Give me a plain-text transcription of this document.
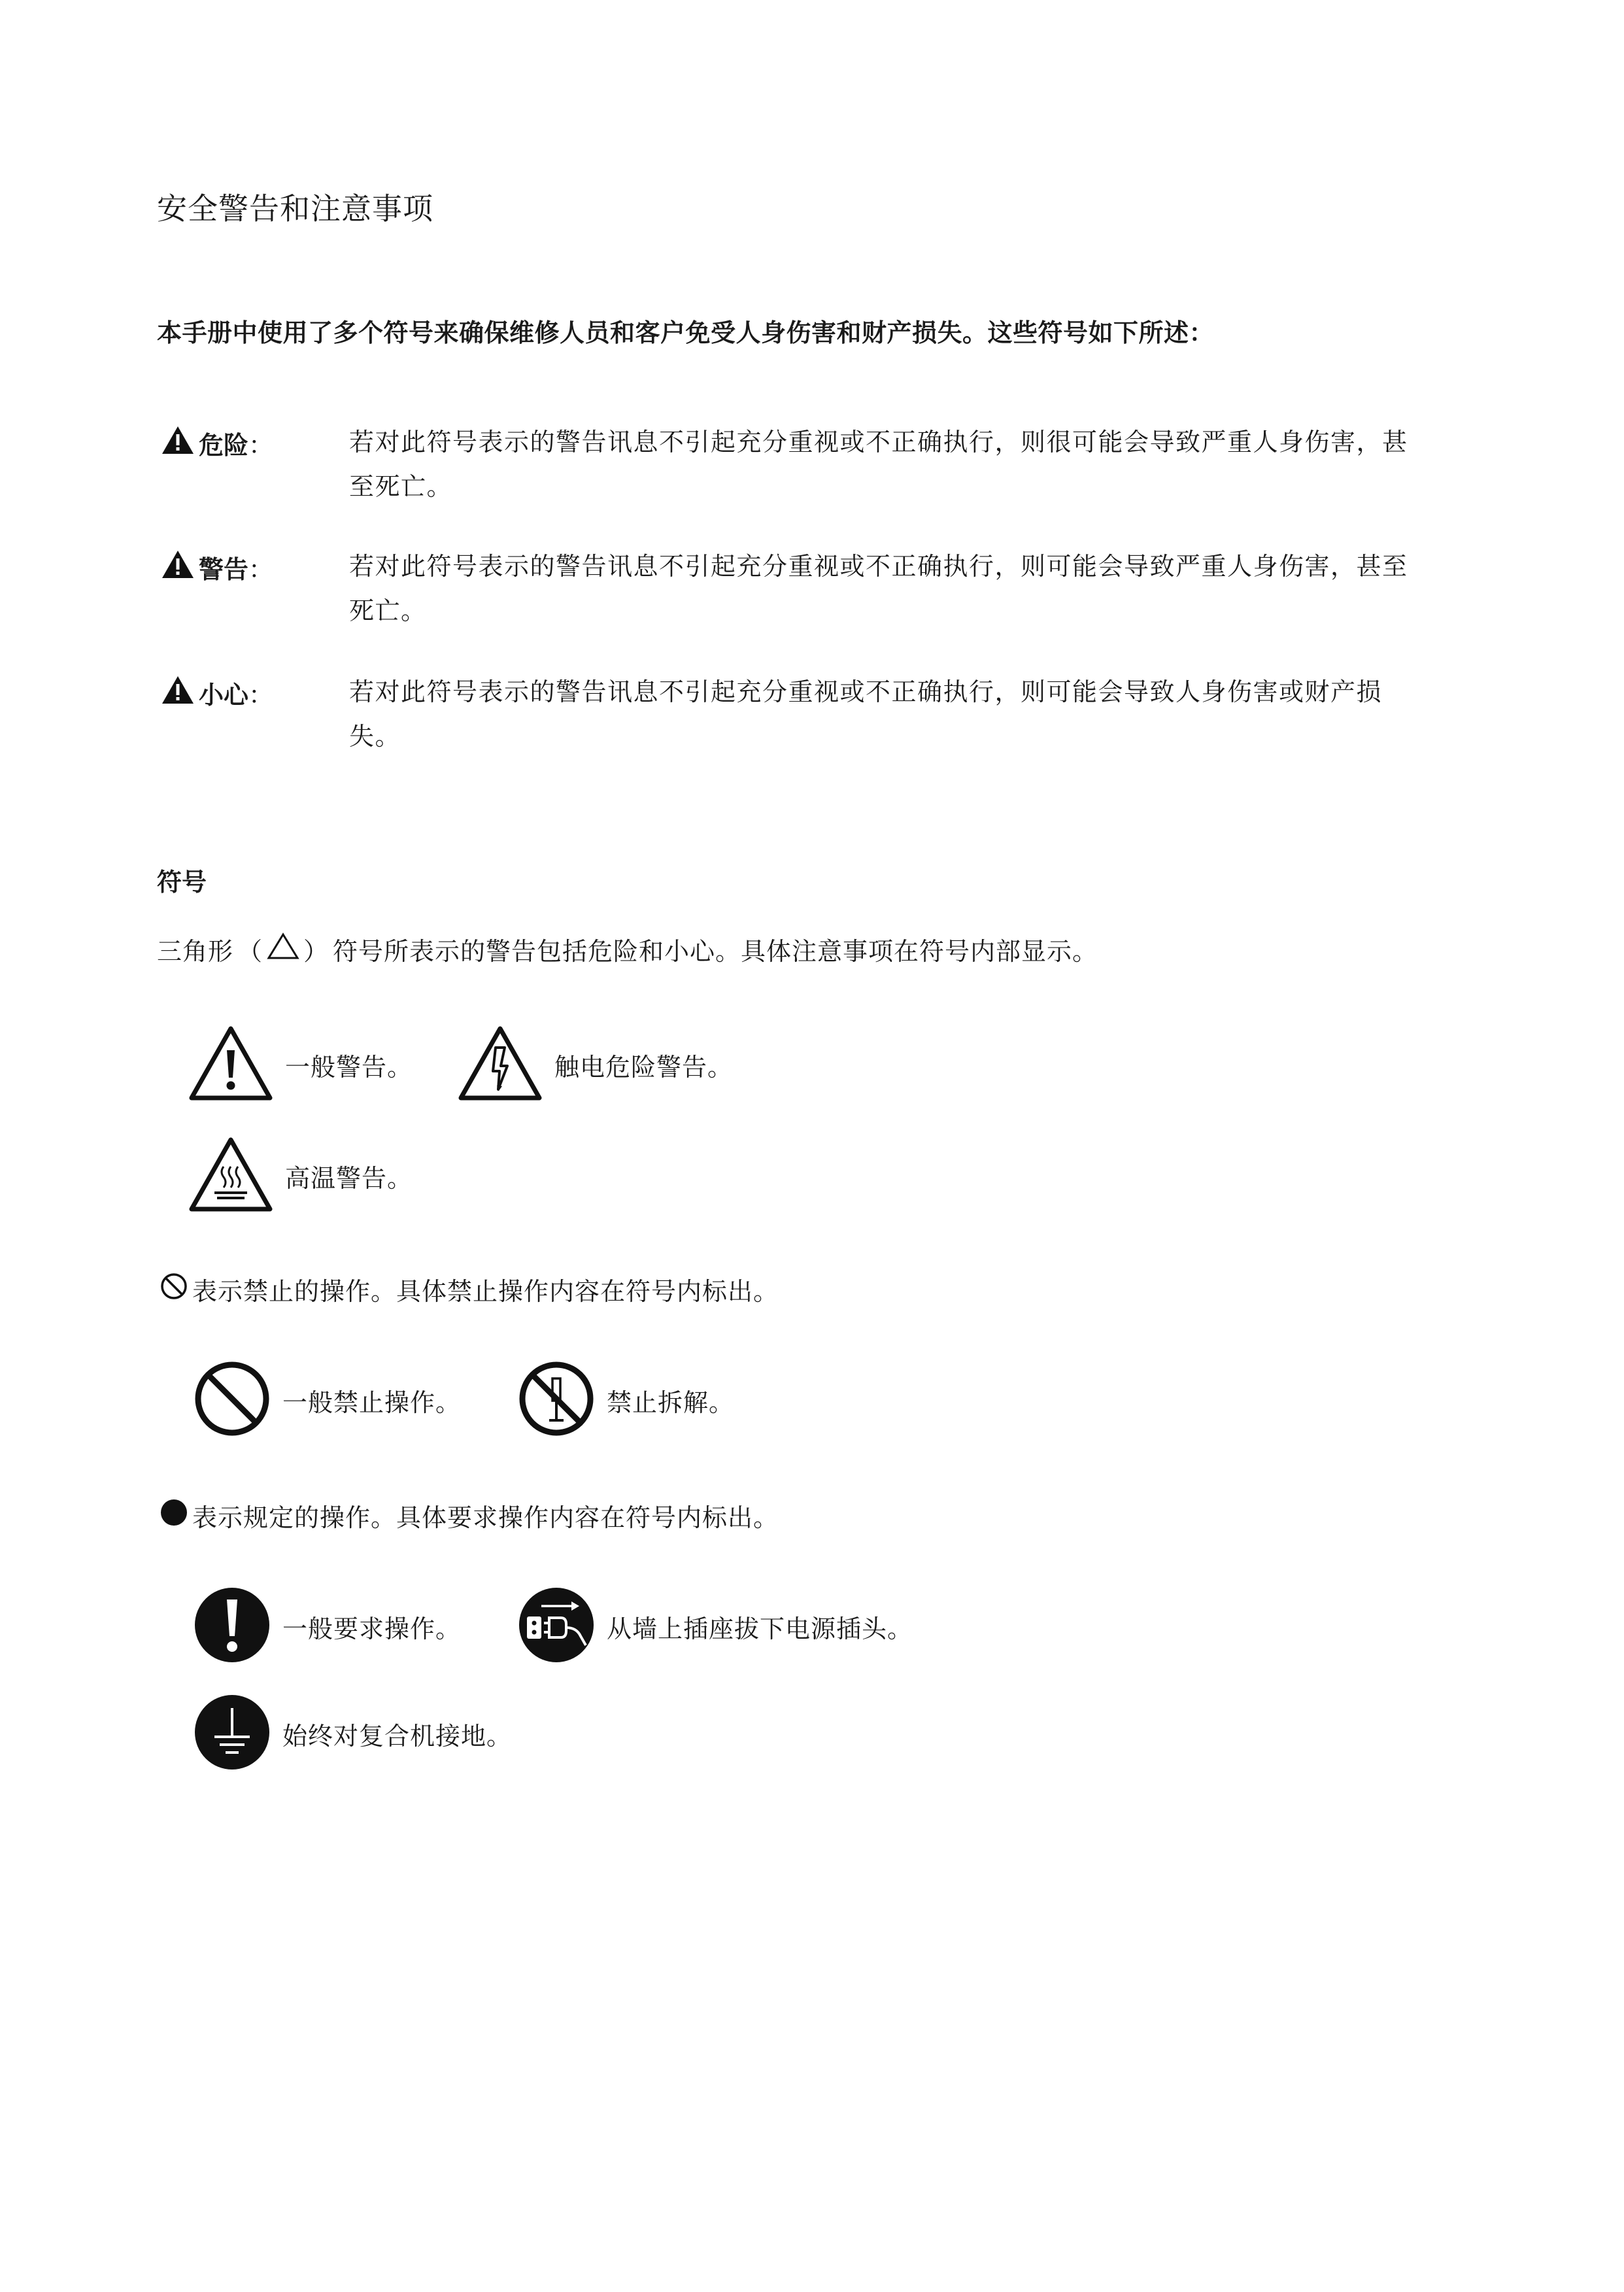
安全警告和注意事项
本手册中使用了多个符号来确保维修人员和客户免受人身伤害和财产损失。这些符号如下所述：
危险 ：	若对此符号表示的警告讯息不引起充分重视或不正确执行，则很可能会导致严重人身伤害，甚
至死亡。
警告 ：	若对此符号表示的警告讯息不引起充分重视或不正确执行，则可能会导致严重人身伤害，甚至
死亡。
小心 ：	若对此符号表示的警告讯息不引起充分重视或不正确执行，则可能会导致人身伤害或财产损
失。
符号
三角形 （ ） 符号所表示的警告包括危险和小心。具体注意事项在符号内部显示。
一般警告。	触电危险警告。
高温警告。
表示禁止的操作。具体禁止操作内容在符号内标出。
一般禁止操作。	禁止拆解。
表示规定的操作。具体要求操作内容在符号内标出。
一般要求操作。	从墙上插座拔下电源插头。
始终对复合机接地。
